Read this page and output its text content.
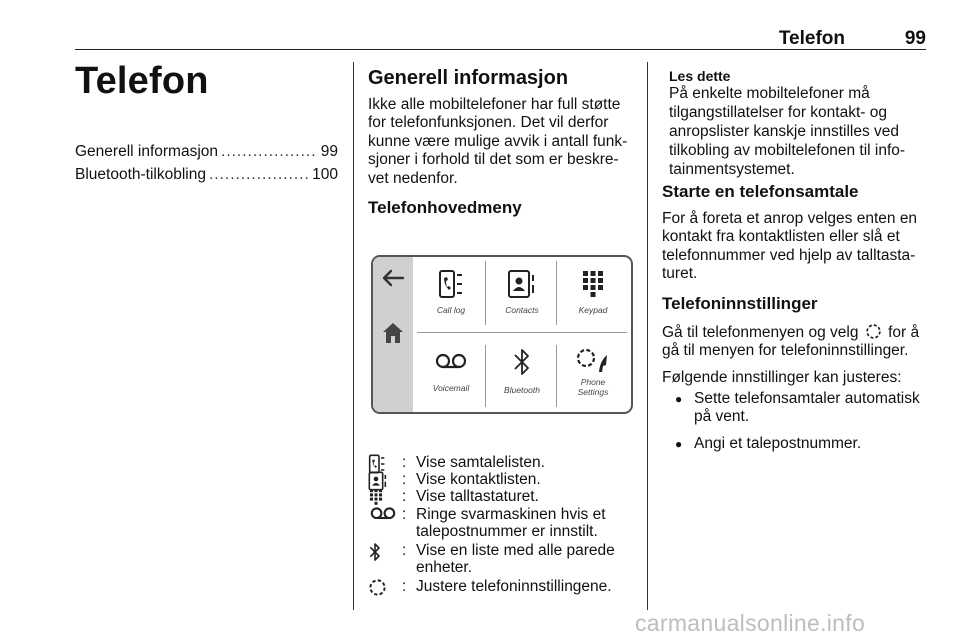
Telefon	99
Telefon
Generell informasjon .....	99
Bluetooth-tilkobling .....	100
Generell informasjon
Ikke alle mobiltelefoner har full støtte
for telefonfunksjonen. Det vil derfor
kunne være mulige avvik i antall funk-
sjoner i forhold til det som er beskre-
vet nedenfor.
Telefonhovedmeny
Call log	Contacts	Keypad
Voicemail	Bluetooth
Phone
Settings
: Vise samtalelisten.
: Vise kontaktlisten.
: Vise talltastaturet.
: Ringe svarmaskinen hvis et
talepostnummer er innstilt.
: Vise en liste med alle parede
enheter.
: Justere telefoninnstillingene.
Les dette
På enkelte mobiltelefoner må
tilgangstillatelser for kontakt- og
anropslister kanskje innstilles ved
tilkobling av mobiltelefonen til info-
tainmentsystemet.
Starte en telefonsamtale
For å foreta et anrop velges enten en
kontakt fra kontaktlisten eller slå et
telefonnummer ved hjelp av talltasta-
turet.
Telefoninnstillinger
Gå til telefonmenyen og velg for å
gå til menyen for telefoninnstillinger.
Følgende innstillinger kan justeres:
● Sette telefonsamtaler automatisk
på vent.
● Angi et talepostnummer.
carmanualsonline.info
